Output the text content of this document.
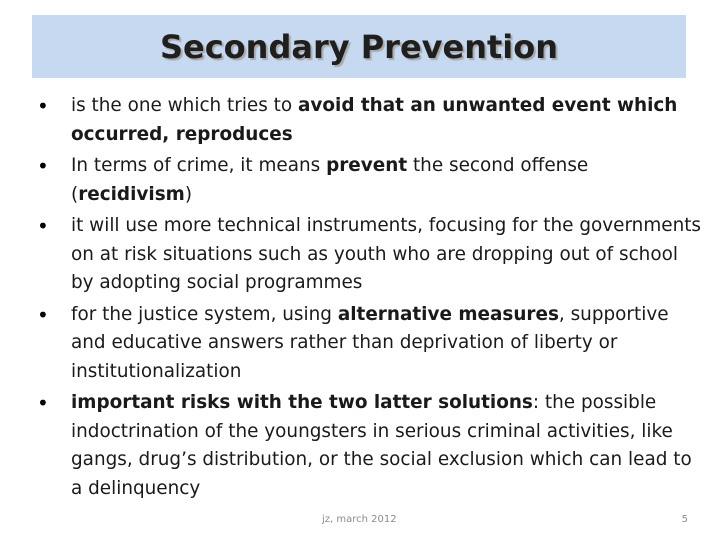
Secondary Prevention
•	is the one which tries to avoid that an unwanted event which occurred, reproduces
•	In terms of crime, it means prevent the second offense (recidivism)
•	it will use more technical instruments, focusing for the governments on at risk situations such as youth who are dropping out of school by adopting social programmes
•	for the justice system, using alternative measures, supportive and educative answers rather than deprivation of liberty or institutionalization
•	important risks with the two latter solutions: the possible indoctrination of the youngsters in serious criminal activities, like gangs, drug’s distribution, or the social exclusion which can lead to a delinquency
jz, march 2012	5
